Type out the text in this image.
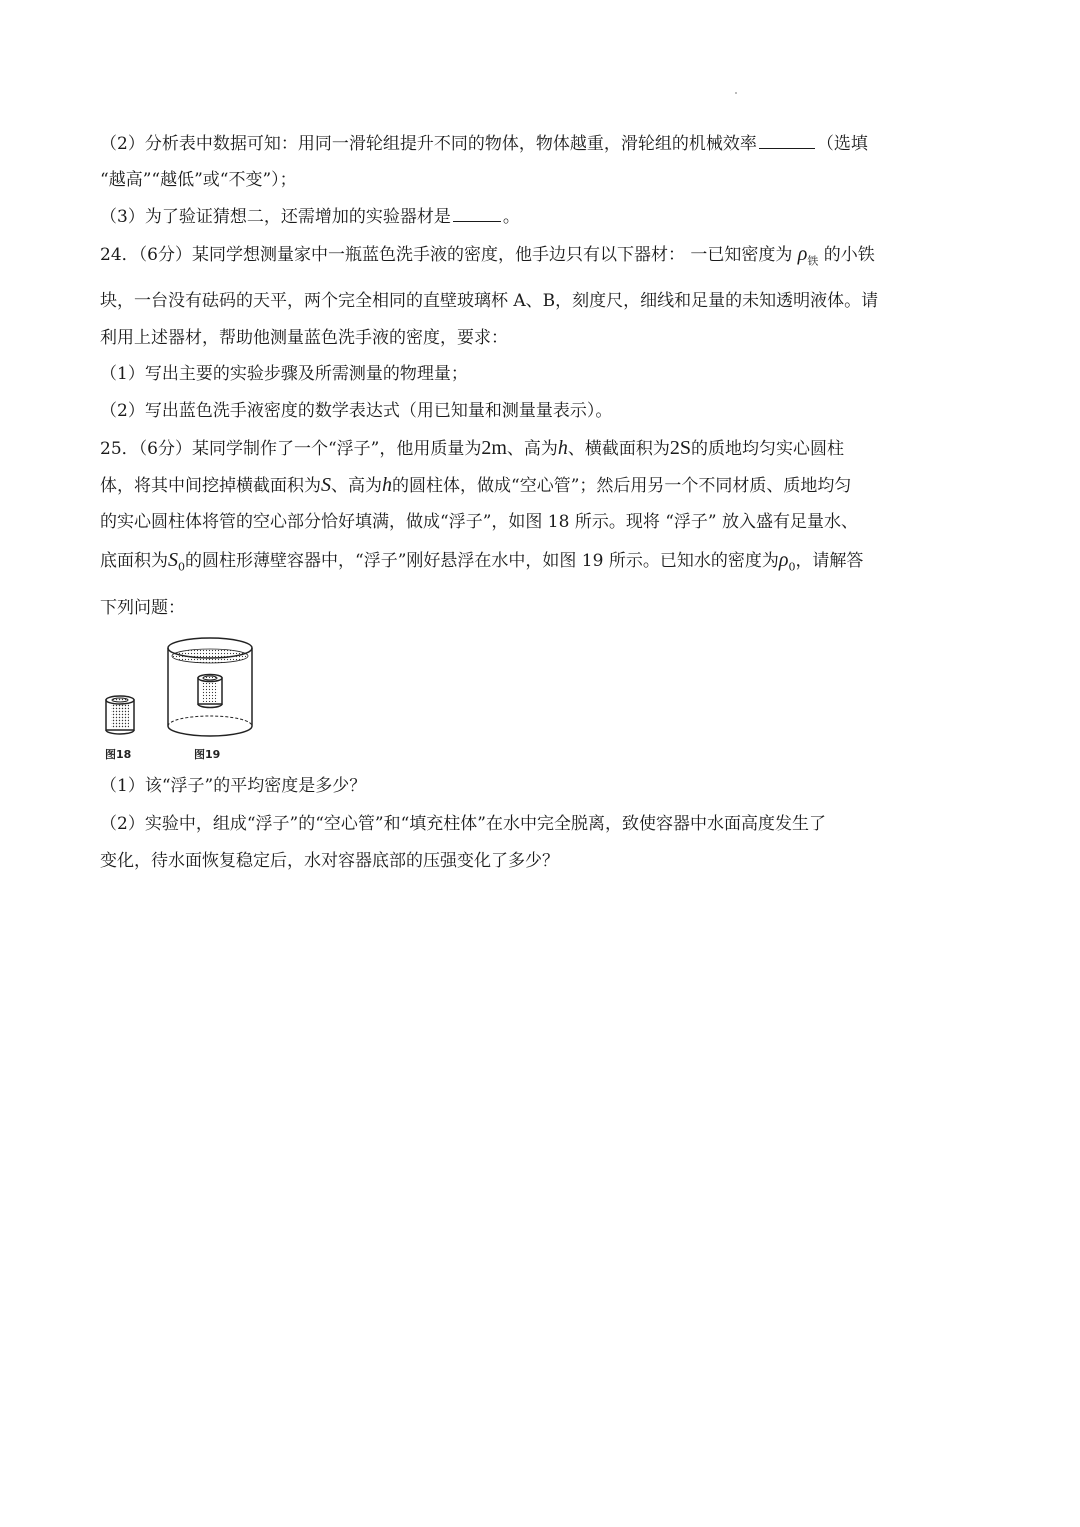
（2）分析表中数据可知：用同一滑轮组提升不同的物体，物体越重，滑轮组的机械效率	（选填
“越高”“越低”或“不变”）；
（3）为了验证猜想二，还需增加的实验器材是	。
24．（6分）某同学想测量家中一瓶蓝色洗手液的密度，他手边只有以下器材： 一已知密度为 $\rho_铁$ 的小铁
块，一台没有砝码的天平，两个完全相同的直壁玻璃杯 A、B，刻度尺，细线和足量的未知透明液体。请
利用上述器材，帮助他测量蓝色洗手液的密度，要求：
（1）写出主要的实验步骤及所需测量的物理量；
（2）写出蓝色洗手液密度的数学表达式（用已知量和测量量表示）。
25．（6分）某同学制作了一个“浮子”，他用质量为2m、高为h、横截面积为2S的质地均匀实心圆柱
体，将其中间挖掉横截面积为S、高为h的圆柱体，做成“空心管”；然后用另一个不同材质、质地均匀
的实心圆柱体将管的空心部分恰好填满，做成“浮子”，如图 18 所示。现将 “浮子” 放入盛有足量水、
底面积为$S_0$的圆柱形薄壁容器中，“浮子”刚好悬浮在水中，如图 19 所示。已知水的密度为$\rho_0$，请解答
下列问题：
图18	图19
（1）该“浮子”的平均密度是多少？
（2）实验中，组成“浮子”的“空心管”和“填充柱体”在水中完全脱离，致使容器中水面高度发生了
变化，待水面恢复稳定后，水对容器底部的压强变化了多少？
